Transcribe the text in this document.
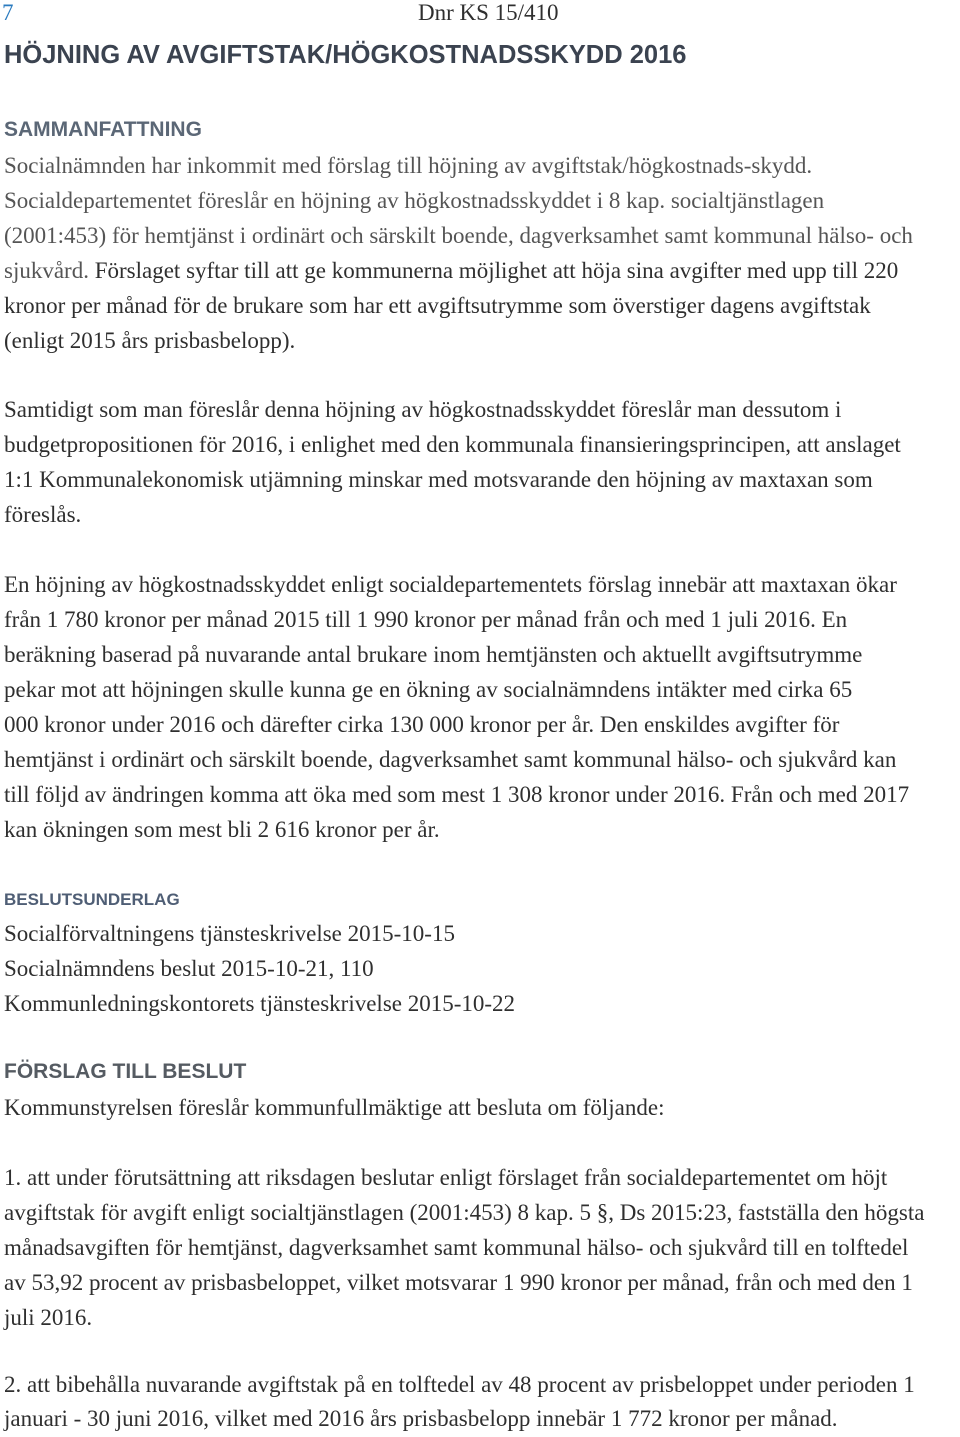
7	Dnr KS 15/410
HÖJNING AV AVGIFTSTAK/HÖGKOSTNADSSKYDD 2016
SAMMANFATTNING
Socialnämnden har inkommit med förslag till höjning av avgiftstak/högkostnads-skydd.
Socialdepartementet föreslår en höjning av högkostnadsskyddet i 8 kap. socialtjänstlagen
(2001:453) för hemtjänst i ordinärt och särskilt boende, dagverksamhet samt kommunal hälso- och
sjukvård. Förslaget syftar till att ge kommunerna möjlighet att höja sina avgifter med upp till 220
kronor per månad för de brukare som har ett avgiftsutrymme som överstiger dagens avgiftstak
(enligt 2015 års prisbasbelopp).
Samtidigt som man föreslår denna höjning av högkostnadsskyddet föreslår man dessutom i
budgetpropositionen för 2016, i enlighet med den kommunala finansieringsprincipen, att anslaget
1:1 Kommunalekonomisk utjämning minskar med motsvarande den höjning av maxtaxan som
föreslås.
En höjning av högkostnadsskyddet enligt socialdepartementets förslag innebär att maxtaxan ökar
från 1 780 kronor per månad 2015 till 1 990 kronor per månad från och med 1 juli 2016. En
beräkning baserad på nuvarande antal brukare inom hemtjänsten och aktuellt avgiftsutrymme
pekar mot att höjningen skulle kunna ge en ökning av socialnämndens intäkter med cirka 65
000 kronor under 2016 och därefter cirka 130 000 kronor per år. Den enskildes avgifter för
hemtjänst i ordinärt och särskilt boende, dagverksamhet samt kommunal hälso- och sjukvård kan
till följd av ändringen komma att öka med som mest 1 308 kronor under 2016. Från och med 2017
kan ökningen som mest bli 2 616 kronor per år.
BESLUTSUNDERLAG
Socialförvaltningens tjänsteskrivelse 2015-10-15
Socialnämndens beslut 2015-10-21, 110
Kommunledningskontorets tjänsteskrivelse 2015-10-22
FÖRSLAG TILL BESLUT
Kommunstyrelsen föreslår kommunfullmäktige att besluta om följande:
1. att under förutsättning att riksdagen beslutar enligt förslaget från socialdepartementet om höjt
avgiftstak för avgift enligt socialtjänstlagen (2001:453) 8 kap. 5 §, Ds 2015:23, fastställa den högsta
månadsavgiften för hemtjänst, dagverksamhet samt kommunal hälso- och sjukvård till en tolftedel
av 53,92 procent av prisbasbeloppet, vilket motsvarar 1 990 kronor per månad, från och med den 1
juli 2016.
2. att bibehålla nuvarande avgiftstak på en tolftedel av 48 procent av prisbeloppet under perioden 1
januari - 30 juni 2016, vilket med 2016 års prisbasbelopp innebär 1 772 kronor per månad.
